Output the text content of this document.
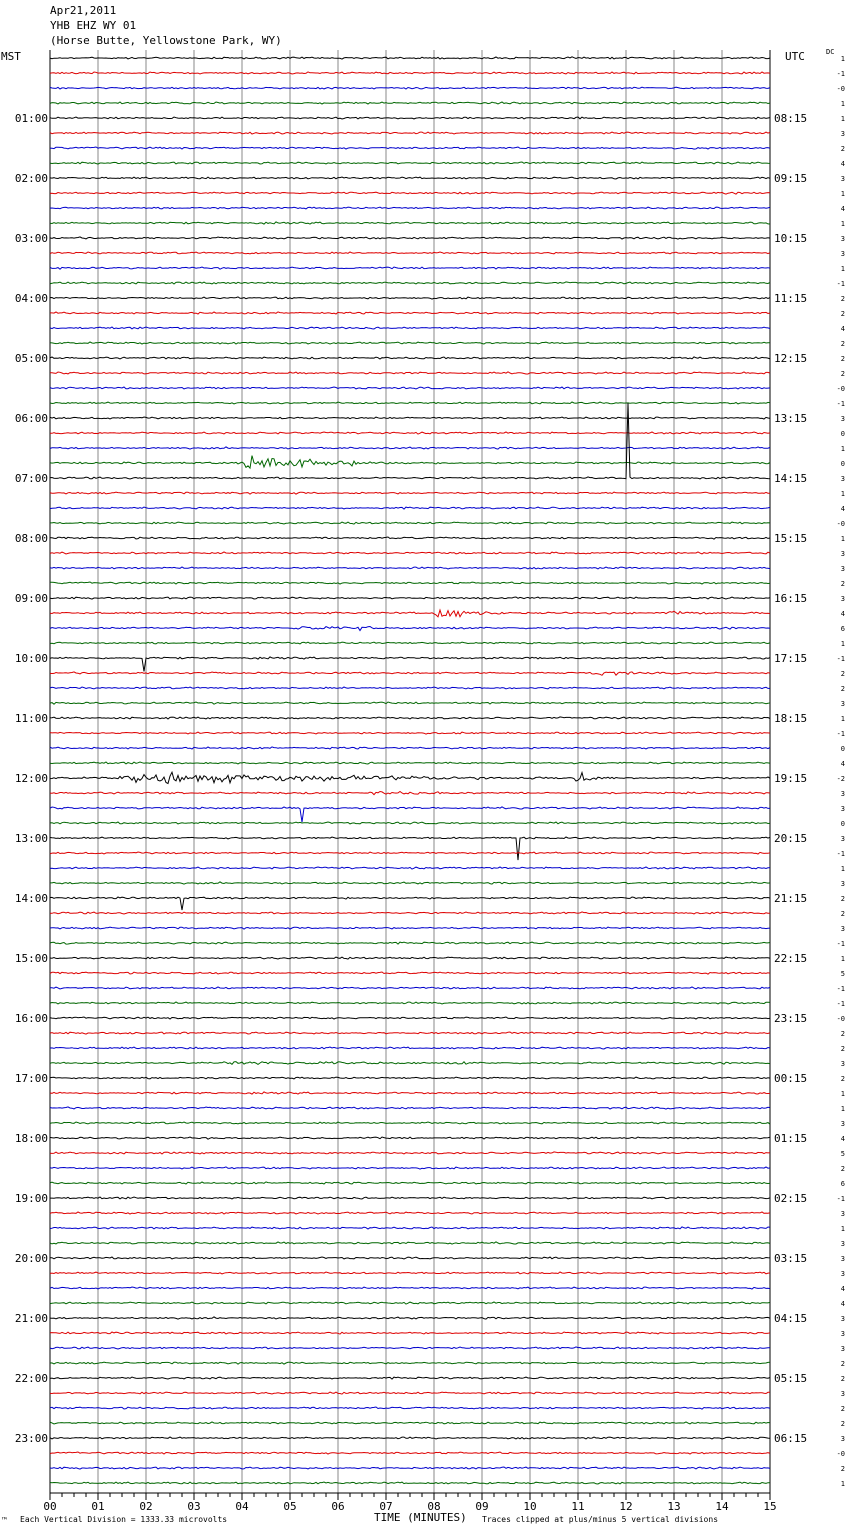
Apr21,2011
YHB EHZ WY 01
(Horse Butte, Yellowstone Park, WY)
MST	UTC	DC
00	01	02	03	04	05	06	07	08	09	10	11	12	13	14	15
1
-1
-0
1
1
3
2
4
3
1
4
1
3
3
1
-1
2
2
4
2
2
2
-0
-1
3
0
1
0
3
1
4
-0
1
3
3
2
3
4
6
1
-1
2
2
3
1
-1
0
4
-2
3
3
0
3
-1
1
3
2
2
3
-1
1
5
-1
-1
-0
2
2
3
2
1
1
3
4
5
2
6
-1
3
1
3
3
3
4
4
3
3
3
2
2
3
2
2
3
-0
2
1
01:00
02:00
03:00
04:00
05:00
06:00
07:00
08:00
09:00
10:00
11:00
12:00
13:00
14:00
15:00
16:00
17:00
18:00
19:00
20:00
21:00
22:00
23:00
08:15
09:15
10:15
11:15
12:15
13:15
14:15
15:15
16:15
17:15
18:15
19:15
20:15
21:15
22:15
23:15
00:15
01:15
02:15
03:15
04:15
05:15
06:15
™ Each Vertical Division = 1333.33 microvolts	TIME (MINUTES) Traces clipped at plus/minus 5 vertical divisions
